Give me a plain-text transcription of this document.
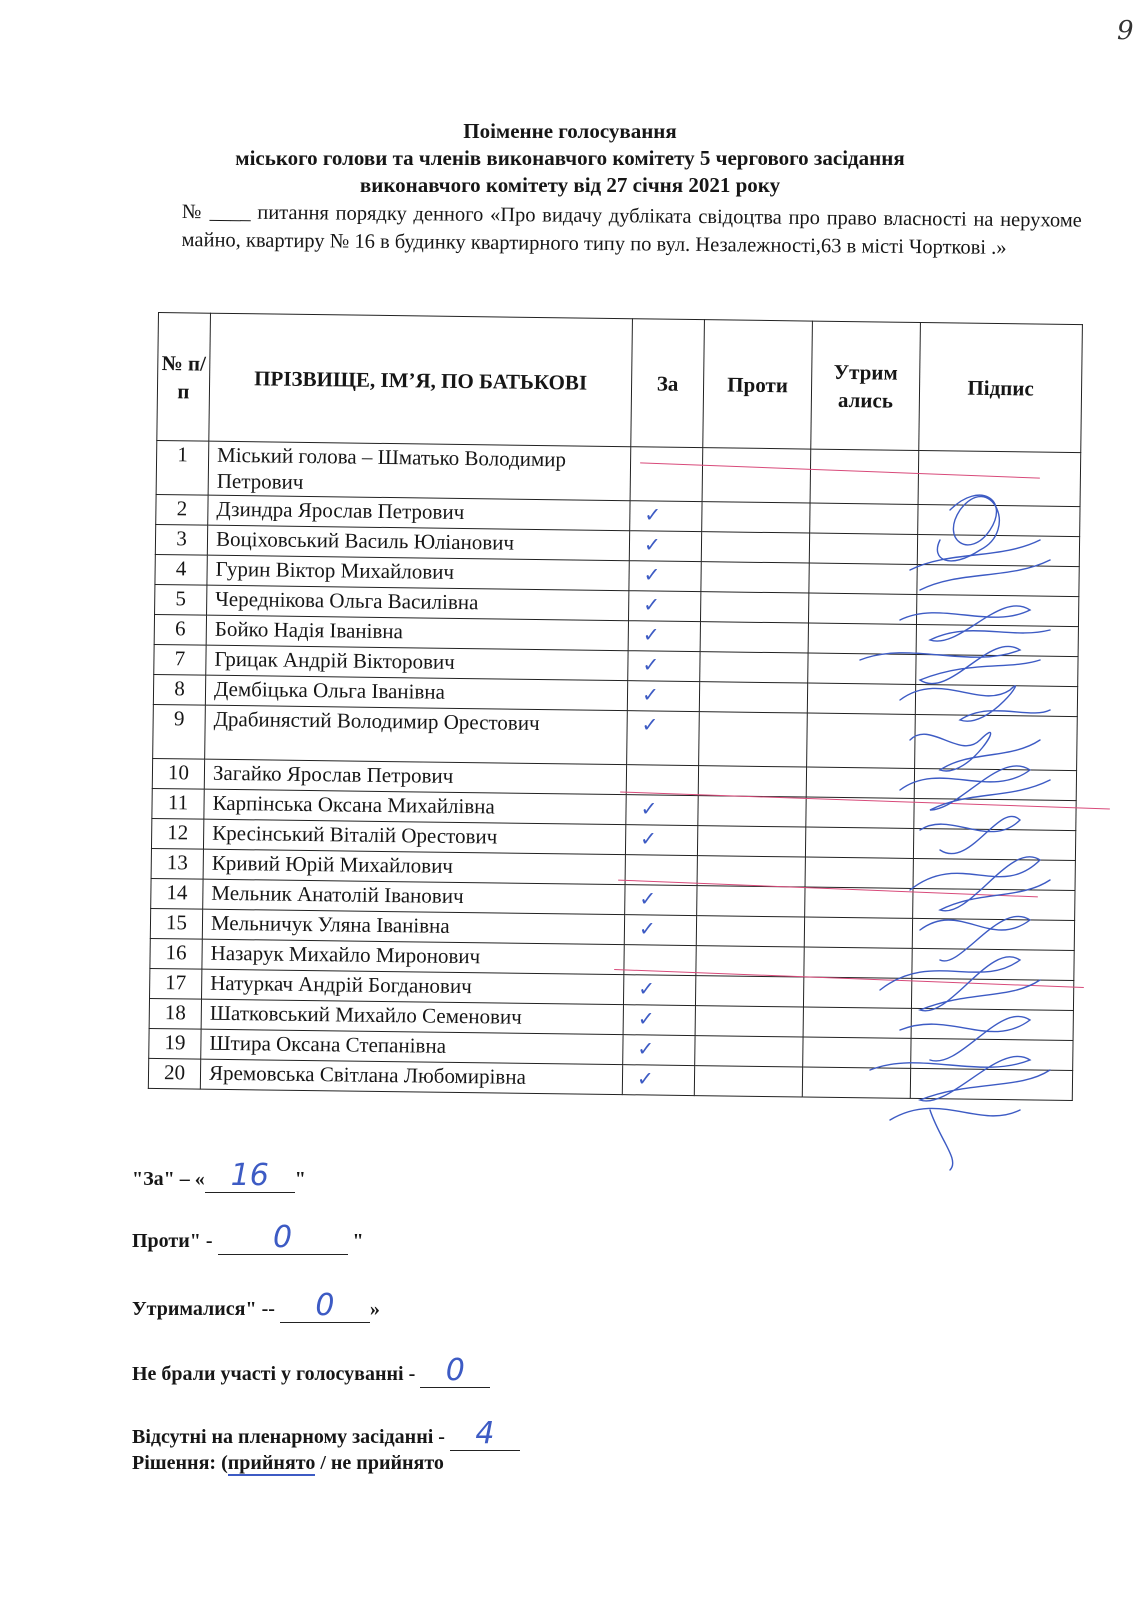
9
Поіменне голосування
міського голови та членів виконавчого комітету 5 чергового засідання
виконавчого комітету від 27 січня 2021 року
№ ____ питання порядку денного «Про видачу дубліката свідоцтва про право власності на нерухоме майно, квартиру № 16 в будинку квартирного типу по вул. Незалежності,63 в місті Чорткові .»
№ п/ п	ПРІЗВИЩЕ, ІМ’Я, ПО БАТЬКОВІ	За	Проти	Утрим ались	Підпис
1	Міський голова – Шматько Володимир Петрович				
2	Дзиндра Ярослав Петрович	✓			
3	Воціховський Василь Юліанович	✓			
4	Гурин Віктор Михайлович	✓			
5	Череднікова Ольга Василівна	✓			
6	Бойко Надія Іванівна	✓			
7	Грицак Андрій Вікторович	✓			
8	Дембіцька Ольга Іванівна	✓			
9	Драбинястий Володимир Орестович	✓			
10	Загайко Ярослав Петрович				
11	Карпінська Оксана Михайлівна	✓			
12	Кресінський Віталій Орестович	✓			
13	Кривий Юрій Михайлович				
14	Мельник Анатолій Іванович	✓			
15	Мельничук Уляна Іванівна	✓			
16	Назарук Михайло Миронович				
17	Натуркач Андрій Богданович	✓			
18	Шатковський Михайло Семенович	✓			
19	Штира Оксана Степанівна	✓			
20	Яремовська Світлана Любомирівна	✓			
"За" – « 16 "
Проти" - 0	"
Утрималися" -- 0 »
Не брали участі у голосуванні - 0
Відсутні на пленарному засіданні - 4
Рішення: (прийнято / не прийнято
